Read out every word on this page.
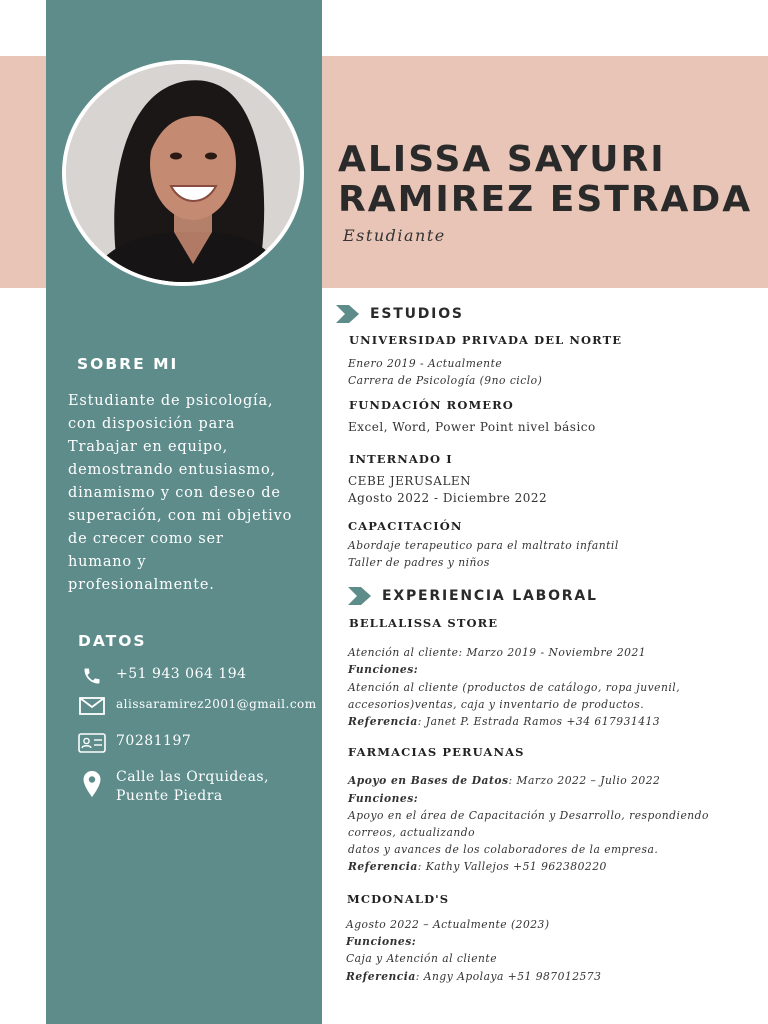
ALISSA SAYURI
RAMIREZ ESTRADA
Estudiante
SOBRE MI
Estudiante de psicología,
con disposición para
Trabajar en equipo,
demostrando entusiasmo,
dinamismo y con deseo de
superación, con mi objetivo
de crecer como ser
humano y
profesionalmente.
DATOS
+51 943 064 194
alissaramirez2001@gmail.com
70281197
Calle las Orquideas,
Puente Piedra
ESTUDIOS
UNIVERSIDAD PRIVADA DEL NORTE
Enero 2019 - Actualmente
Carrera de Psicología (9no ciclo)
FUNDACIÓN ROMERO
Excel, Word, Power Point nivel básico
INTERNADO I
CEBE JERUSALEN
Agosto 2022 - Diciembre 2022
CAPACITACIÓN
Abordaje terapeutico para el maltrato infantil
Taller de padres y niños
EXPERIENCIA LABORAL
BELLALISSA STORE
Atención al cliente: Marzo 2019 - Noviembre 2021
Funciones:
Atención al cliente (productos de catálogo, ropa juvenil,
accesorios)ventas, caja y inventario de productos.
Referencia: Janet P. Estrada Ramos +34 617931413
FARMACIAS PERUANAS
Apoyo en Bases de Datos: Marzo 2022 – Julio 2022
Funciones:
Apoyo en el área de Capacitación y Desarrollo, respondiendo
correos, actualizando
datos y avances de los colaboradores de la empresa.
Referencia: Kathy Vallejos +51 962380220
MCDONALD'S
Agosto 2022 – Actualmente (2023)
Funciones:
Caja y Atención al cliente
Referencia: Angy Apolaya +51 987012573
